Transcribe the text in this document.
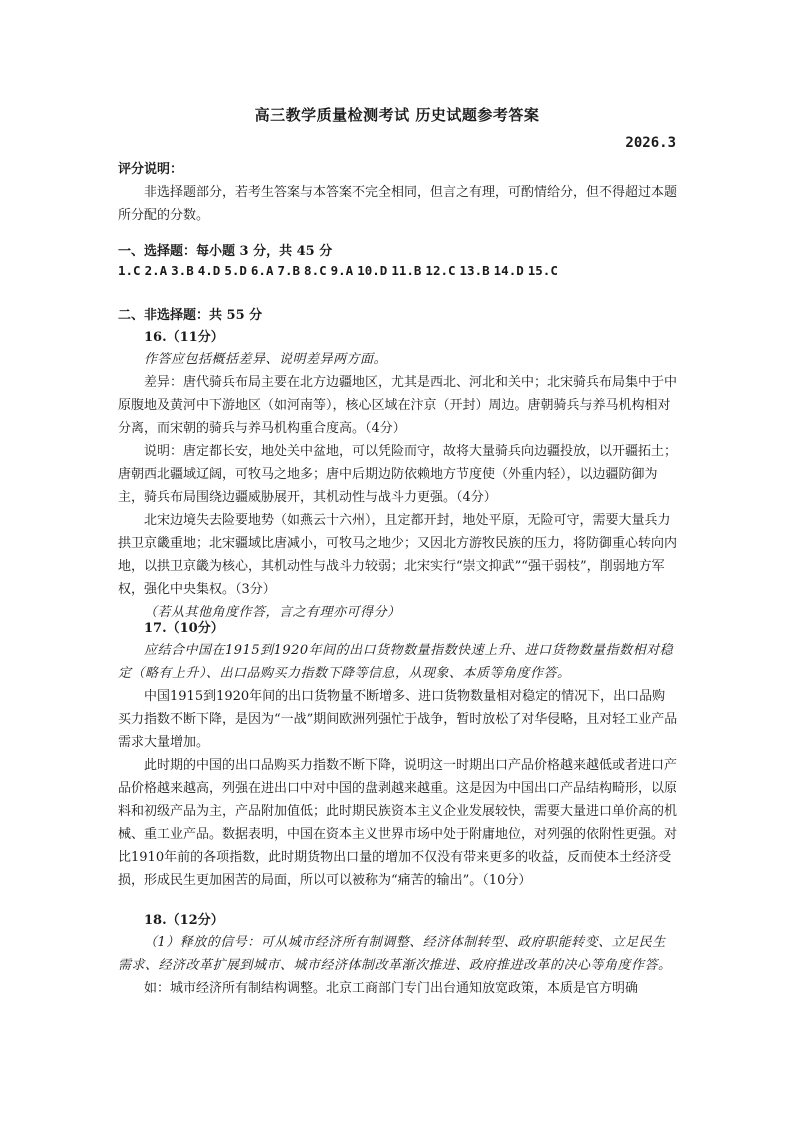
高三教学质量检测考试 历史试题参考答案
2026.3

评分说明：

非选择题部分，若考生答案与本答案不完全相同，但言之有理，可酌情给分，但不得超过本题所分配的分数。

一、选择题：每小题 3 分，共 45 分
1.C 2.A 3.B 4.D 5.D 6.A 7.B 8.C 9.A 10.D 11.B 12.C 13.B 14.D 15.C
二、非选择题：共 55 分
16.（11分）

作答应包括概括差异、说明差异两方面。

差异：唐代骑兵布局主要在北方边疆地区，尤其是西北、河北和关中；北宋骑兵布局集中于中原腹地及黄河中下游地区（如河南等），核心区域在汴京（开封）周边。唐朝骑兵与养马机构相对分离，而宋朝的骑兵与养马机构重合度高。（4分）

说明：唐定都长安，地处关中盆地，可以凭险而守，故将大量骑兵向边疆投放，以开疆拓土；唐朝西北疆域辽阔，可牧马之地多；唐中后期边防依赖地方节度使（外重内轻），以边疆防御为主，骑兵布局围绕边疆威胁展开，其机动性与战斗力更强。（4分）

北宋边境失去险要地势（如燕云十六州），且定都开封，地处平原，无险可守，需要大量兵力拱卫京畿重地；北宋疆域比唐减小，可牧马之地少；又因北方游牧民族的压力，将防御重心转向内地，以拱卫京畿为核心，其机动性与战斗力较弱；北宋实行“崇文抑武”“强干弱枝”，削弱地方军权，强化中央集权。（3分）

（若从其他角度作答，言之有理亦可得分）

17.（10分）

应结合中国在1915到1920年间的出口货物数量指数快速上升、进口货物数量指数相对稳定（略有上升）、出口品购买力指数下降等信息，从现象、本质等角度作答。

中国1915到1920年间的出口货物量不断增多、进口货物数量相对稳定的情况下，出口品购买力指数不断下降，是因为“一战”期间欧洲列强忙于战争，暂时放松了对华侵略，且对轻工业产品需求大量增加。

此时期的中国的出口品购买力指数不断下降，说明这一时期出口产品价格越来越低或者进口产品价格越来越高，列强在进出口中对中国的盘剥越来越重。这是因为中国出口产品结构畸形，以原料和初级产品为主，产品附加值低；此时期民族资本主义企业发展较快，需要大量进口单价高的机械、重工业产品。数据表明，中国在资本主义世界市场中处于附庸地位，对列强的依附性更强。对比1910年前的各项指数，此时期货物出口量的增加不仅没有带来更多的收益，反而使本土经济受损，形成民生更加困苦的局面，所以可以被称为“痛苦的输出”。（10分）

18.（12分）

（1）释放的信号：可从城市经济所有制调整、经济体制转型、政府职能转变、立足民生需求、经济改革扩展到城市、城市经济体制改革渐次推进、政府推进改革的决心等角度作答。

如：城市经济所有制结构调整。北京工商部门专门出台通知放宽政策，本质是官方明确
